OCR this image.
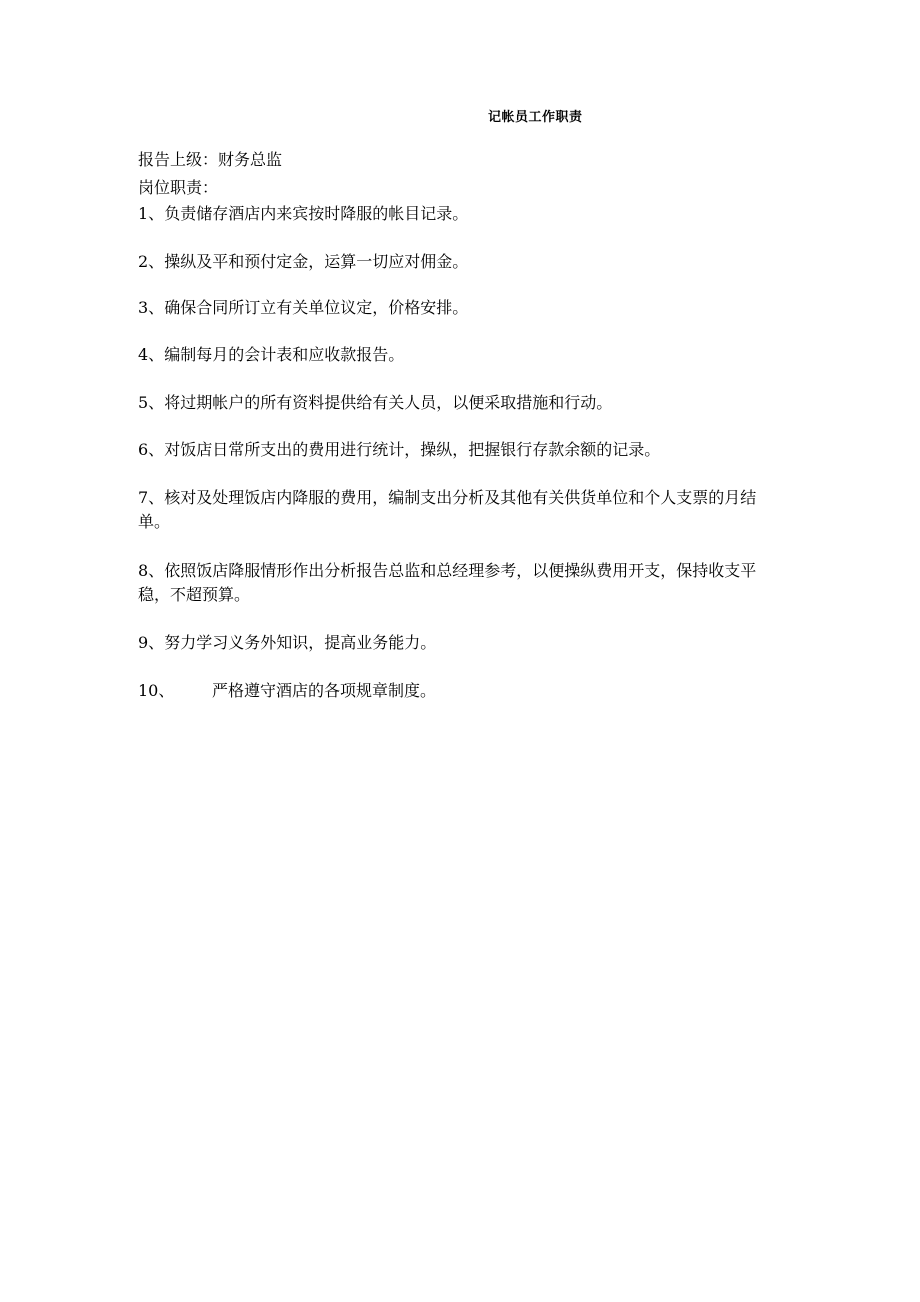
记帐员工作职责
报告上级：财务总监
岗位职责：
1、负责储存酒店内来宾按时降服的帐目记录。
2、操纵及平和预付定金，运算一切应对佣金。
3、确保合同所订立有关单位议定，价格安排。
4、编制每月的会计表和应收款报告。
5、将过期帐户的所有资料提供给有关人员，以便采取措施和行动。
6、对饭店日常所支出的费用进行统计，操纵，把握银行存款余额的记录。
7、核对及处理饭店内降服的费用，编制支出分析及其他有关供货单位和个人支票的月结单。
8、依照饭店降服情形作出分析报告总监和总经理参考，以便操纵费用开支，保持收支平稳，不超预算。
9、努力学习义务外知识，提高业务能力。
10、 严格遵守酒店的各项规章制度。
